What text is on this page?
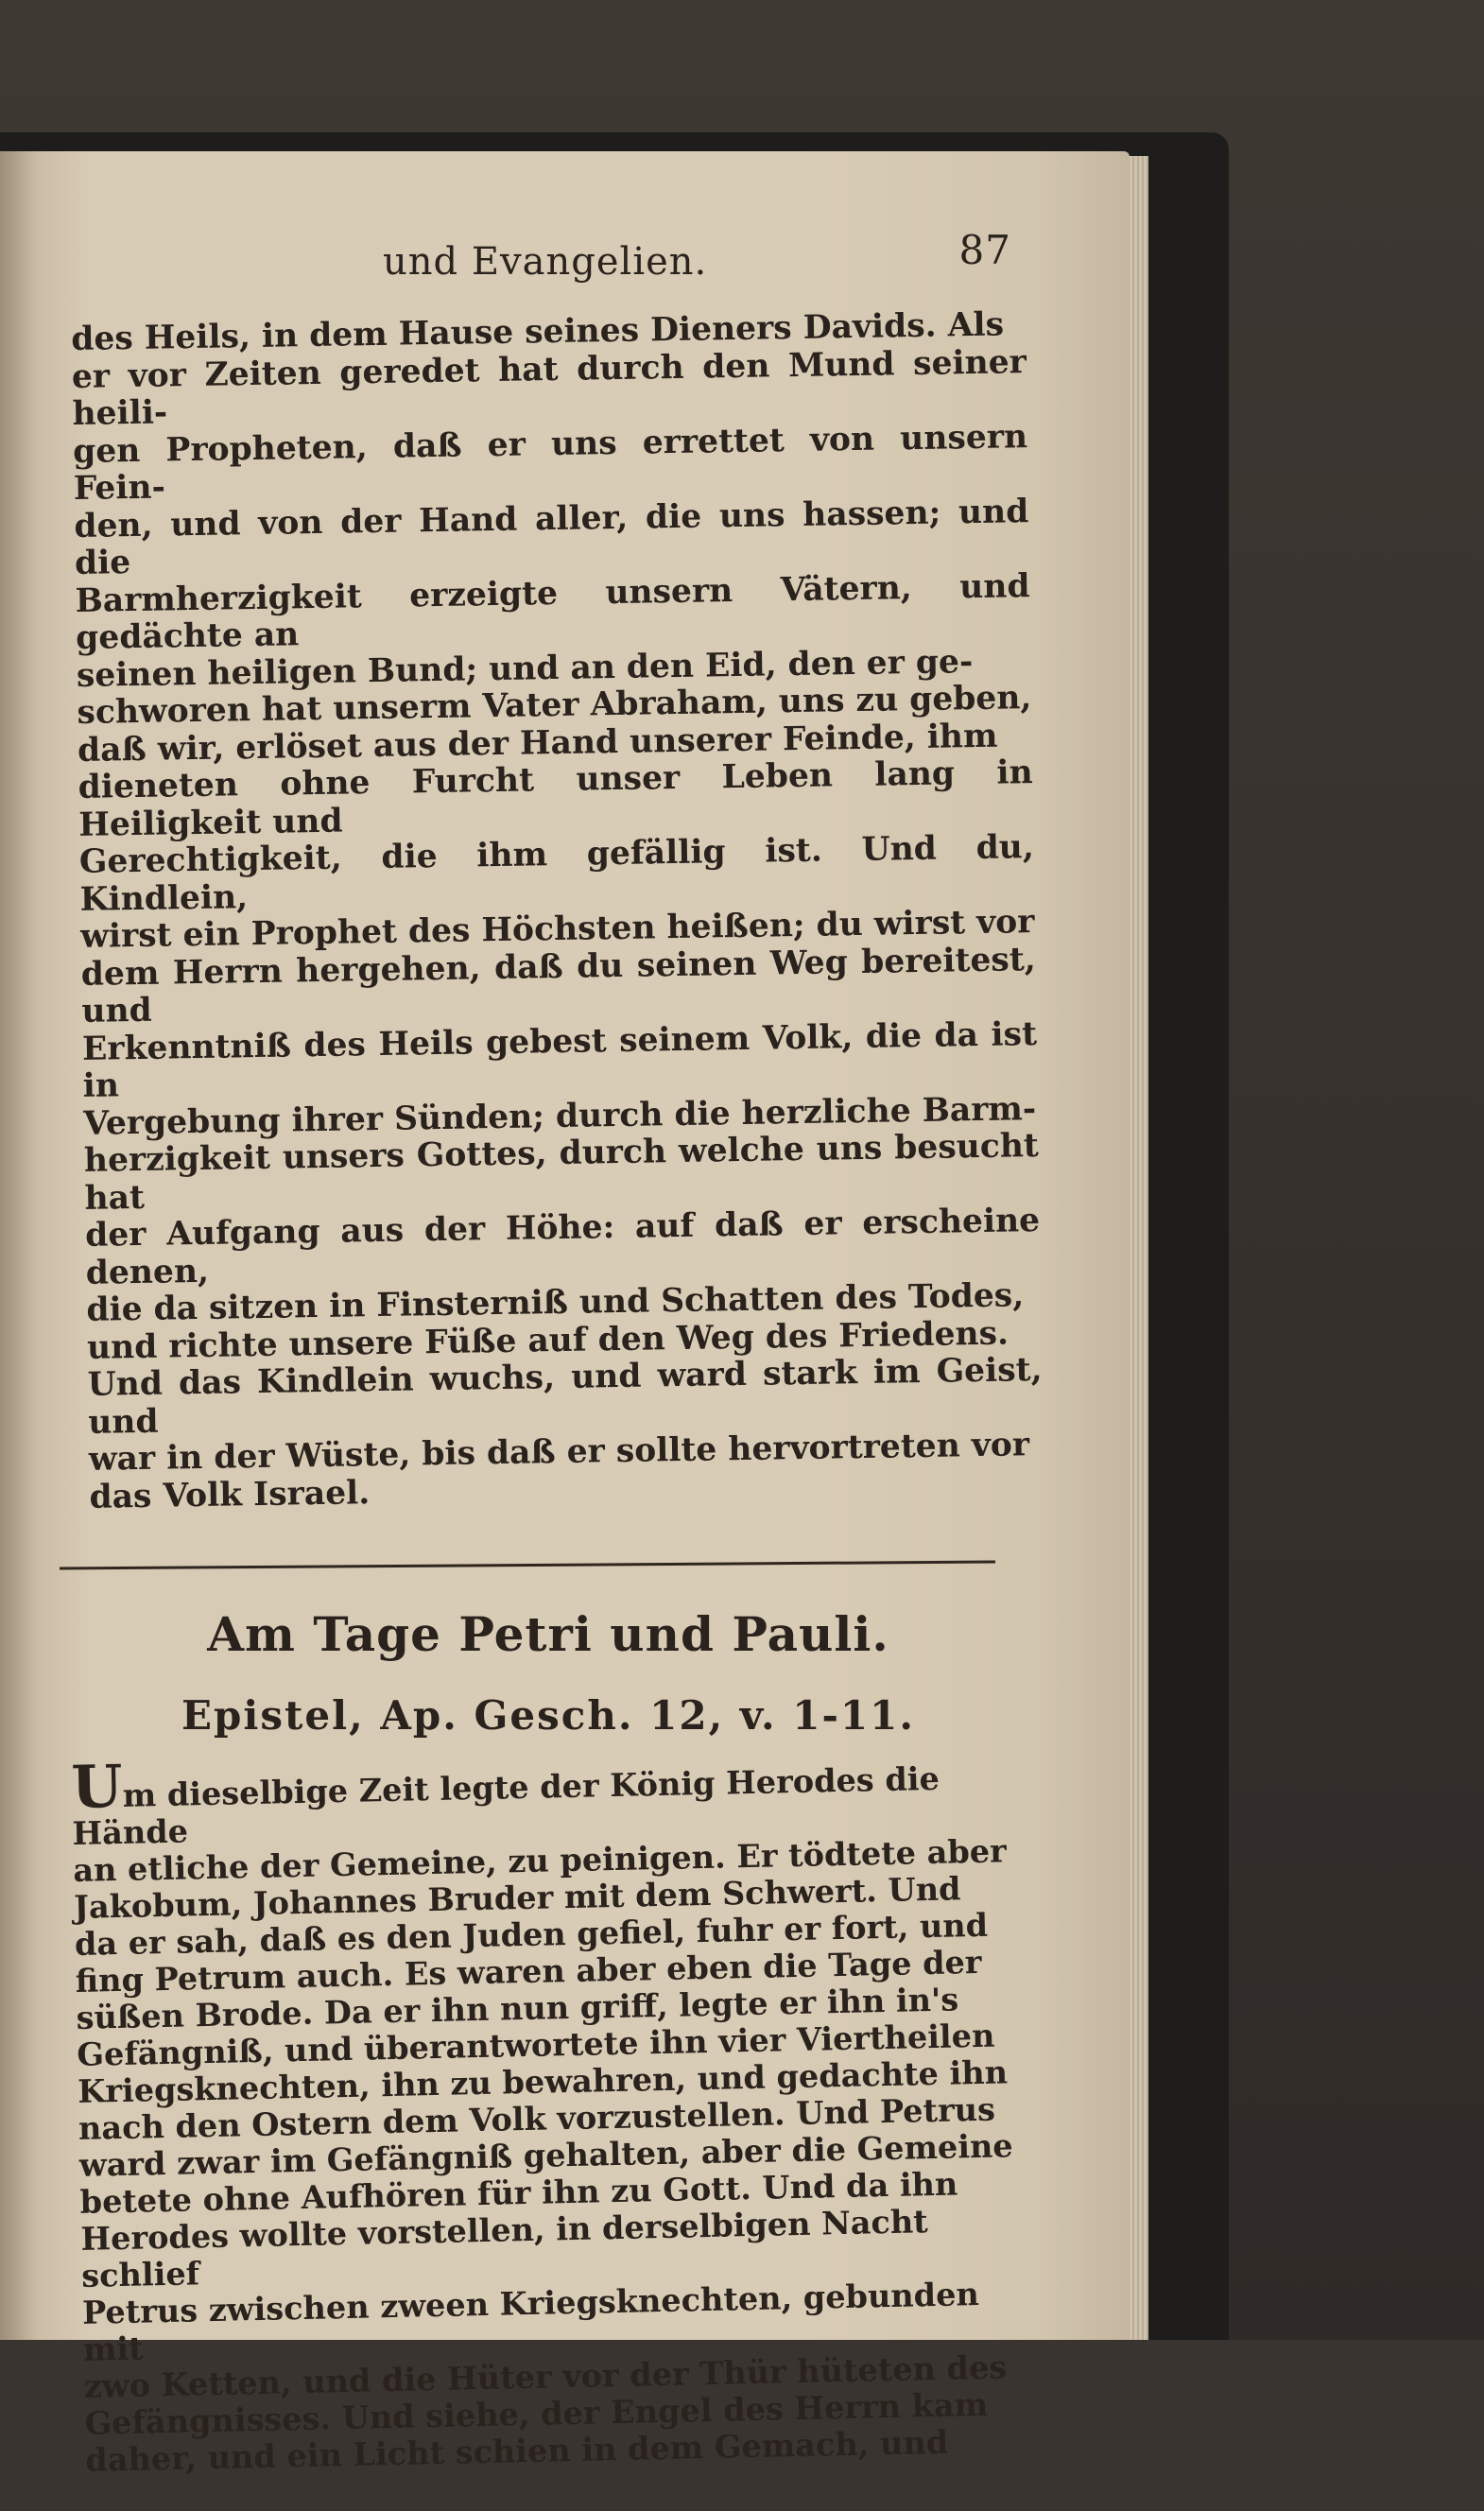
und Evangelien.	87

des Heils, in dem Hause seines Dieners Davids. Als
er vor Zeiten geredet hat durch den Mund seiner heili-
gen Propheten, daß er uns errettet von unsern Fein-
den, und von der Hand aller, die uns hassen; und die
Barmherzigkeit erzeigte unsern Vätern, und gedächte an
seinen heiligen Bund; und an den Eid, den er ge-
schworen hat unserm Vater Abraham, uns zu geben,
daß wir, erlöset aus der Hand unserer Feinde, ihm
dieneten ohne Furcht unser Leben lang in Heiligkeit und
Gerechtigkeit, die ihm gefällig ist. Und du, Kindlein,
wirst ein Prophet des Höchsten heißen; du wirst vor
dem Herrn hergehen, daß du seinen Weg bereitest, und
Erkenntniß des Heils gebest seinem Volk, die da ist in
Vergebung ihrer Sünden; durch die herzliche Barm-
herzigkeit unsers Gottes, durch welche uns besucht hat
der Aufgang aus der Höhe: auf daß er erscheine denen,
die da sitzen in Finsterniß und Schatten des Todes,
und richte unsere Füße auf den Weg des Friedens.
Und das Kindlein wuchs, und ward stark im Geist, und
war in der Wüste, bis daß er sollte hervortreten vor
das Volk Israel.

Am Tage Petri und Pauli.
Epistel, Ap. Gesch. 12, v. 1-11.

Um dieselbige Zeit legte der König Herodes die Hände
an etliche der Gemeine, zu peinigen. Er tödtete aber
Jakobum, Johannes Bruder mit dem Schwert. Und
da er sah, daß es den Juden gefiel, fuhr er fort, und
fing Petrum auch. Es waren aber eben die Tage der
süßen Brode. Da er ihn nun griff, legte er ihn in's
Gefängniß, und überantwortete ihn vier Viertheilen
Kriegsknechten, ihn zu bewahren, und gedachte ihn
nach den Ostern dem Volk vorzustellen. Und Petrus
ward zwar im Gefängniß gehalten, aber die Gemeine
betete ohne Aufhören für ihn zu Gott. Und da ihn
Herodes wollte vorstellen, in derselbigen Nacht schlief
Petrus zwischen zween Kriegsknechten, gebunden mit
zwo Ketten, und die Hüter vor der Thür hüteten des
Gefängnisses. Und siehe, der Engel des Herrn kam
daher, und ein Licht schien in dem Gemach, und
